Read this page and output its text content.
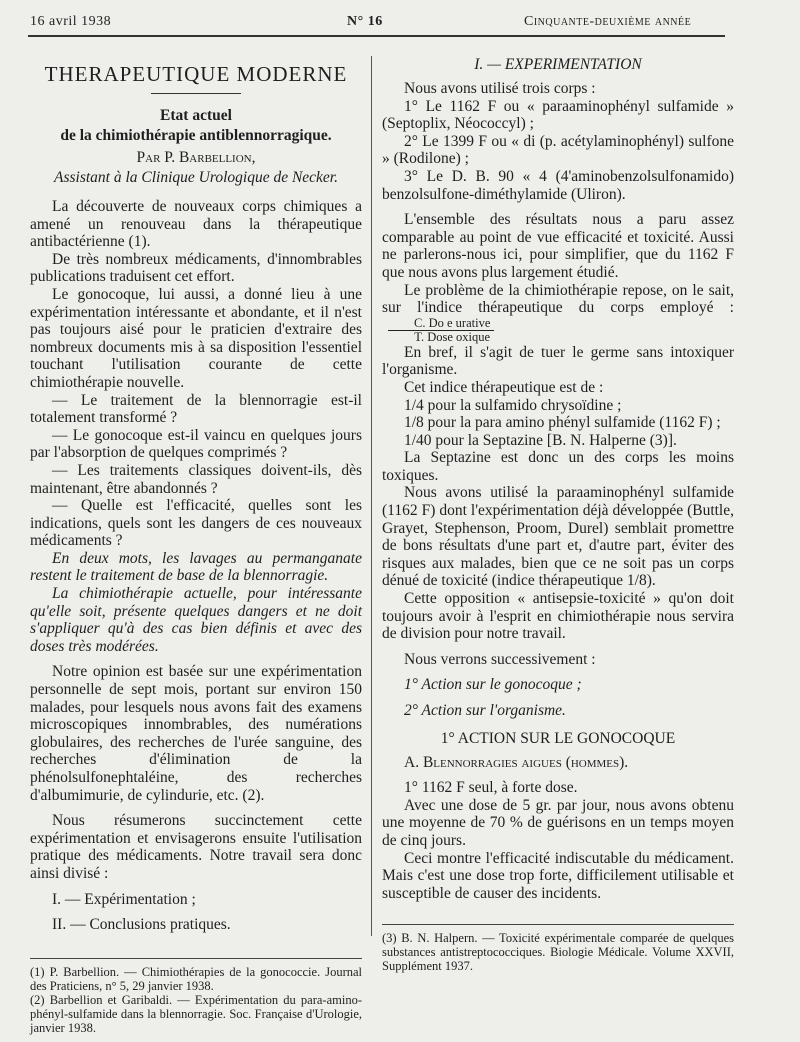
16 avril 1938	N° 16	Cinquante-deuxième année
THERAPEUTIQUE MODERNE
Etat actuel
de la chimiothérapie antiblennorragique.
Par P. Barbellion,
Assistant à la Clinique Urologique de Necker.

La découverte de nouveaux corps chimiques a amené un renouveau dans la thérapeutique antibactérienne (1).

De très nombreux médicaments, d'innombrables publications traduisent cet effort.

Le gonocoque, lui aussi, a donné lieu à une expérimentation intéressante et abondante, et il n'est pas toujours aisé pour le praticien d'extraire des nombreux documents mis à sa disposition l'essentiel touchant l'utilisation courante de cette chimiothérapie nouvelle.

— Le traitement de la blennorragie est-il totalement transformé ?

— Le gonocoque est-il vaincu en quelques jours par l'absorption de quelques comprimés ?

— Les traitements classiques doivent-ils, dès maintenant, être abandonnés ?

— Quelle est l'efficacité, quelles sont les indications, quels sont les dangers de ces nouveaux médicaments ?

En deux mots, les lavages au permanganate restent le traitement de base de la blennorragie.

La chimiothérapie actuelle, pour intéressante qu'elle soit, présente quelques dangers et ne doit s'appliquer qu'à des cas bien définis et avec des doses très modérées.

Notre opinion est basée sur une expérimentation personnelle de sept mois, portant sur environ 150 malades, pour lesquels nous avons fait des examens microscopiques innombrables, des numérations globulaires, des recherches de l'urée sanguine, des recherches d'élimination de la phénolsulfonephtaléine, des recherches d'albumimurie, de cylindurie, etc. (2).

Nous résumerons succinctement cette expérimentation et envisagerons ensuite l'utilisation pratique des médicaments. Notre travail sera donc ainsi divisé :

I. — Expérimentation ;

II. — Conclusions pratiques.

(1) P. Barbellion. — Chimiothérapies de la gonococcie. Journal des Praticiens, n° 5, 29 janvier 1938.
(2) Barbellion et Garibaldi. — Expérimentation du para-amino-phényl-sulfamide dans la blennorragie. Soc. Française d'Urologie, janvier 1938.
I. — EXPERIMENTATION

Nous avons utilisé trois corps :

1° Le 1162 F ou « paraaminophényl sulfamide » (Septoplix, Néococcyl) ;

2° Le 1399 F ou « di (p. acétylaminophényl) sulfone » (Rodilone) ;

3° Le D. B. 90 « 4 (4'aminobenzolsulfonamido) benzolsulfone-diméthylamide (Uliron).

L'ensemble des résultats nous a paru assez comparable au point de vue efficacité et toxicité. Aussi ne parlerons-nous ici, pour simplifier, que du 1162 F que nous avons plus largement étudié.

Le problème de la chimiothérapie repose, on le sait, sur l'indice thérapeutique du corps employé :
$\frac{\text{C. Do e urative}}{\text{T. Dose oxique}}$

En bref, il s'agit de tuer le germe sans intoxiquer l'organisme.

Cet indice thérapeutique est de :

1/4 pour la sulfamido chrysoïdine ;

1/8 pour la para amino phényl sulfamide (1162 F) ;

1/40 pour la Septazine [B. N. Halperne (3)].

La Septazine est donc un des corps les moins toxiques.

Nous avons utilisé la paraaminophényl sulfamide (1162 F) dont l'expérimentation déjà développée (Buttle, Grayet, Stephenson, Proom, Durel) semblait promettre de bons résultats d'une part et, d'autre part, éviter des risques aux malades, bien que ce ne soit pas un corps dénué de toxicité (indice thérapeutique 1/8).

Cette opposition « antisepsie-toxicité » qu'on doit toujours avoir à l'esprit en chimiothérapie nous servira de division pour notre travail.

Nous verrons successivement :

1° Action sur le gonocoque ;

2° Action sur l'organisme.

1° ACTION SUR LE GONOCOQUE

A. Blennorragies aigues (hommes).

1° 1162 F seul, à forte dose.

Avec une dose de 5 gr. par jour, nous avons obtenu une moyenne de 70 % de guérisons en un temps moyen de cinq jours.

Ceci montre l'efficacité indiscutable du médicament. Mais c'est une dose trop forte, difficilement utilisable et susceptible de causer des incidents.

(3) B. N. Halpern. — Toxicité expérimentale comparée de quelques substances antistreptococciques. Biologie Médicale. Volume XXVII, Supplément 1937.
